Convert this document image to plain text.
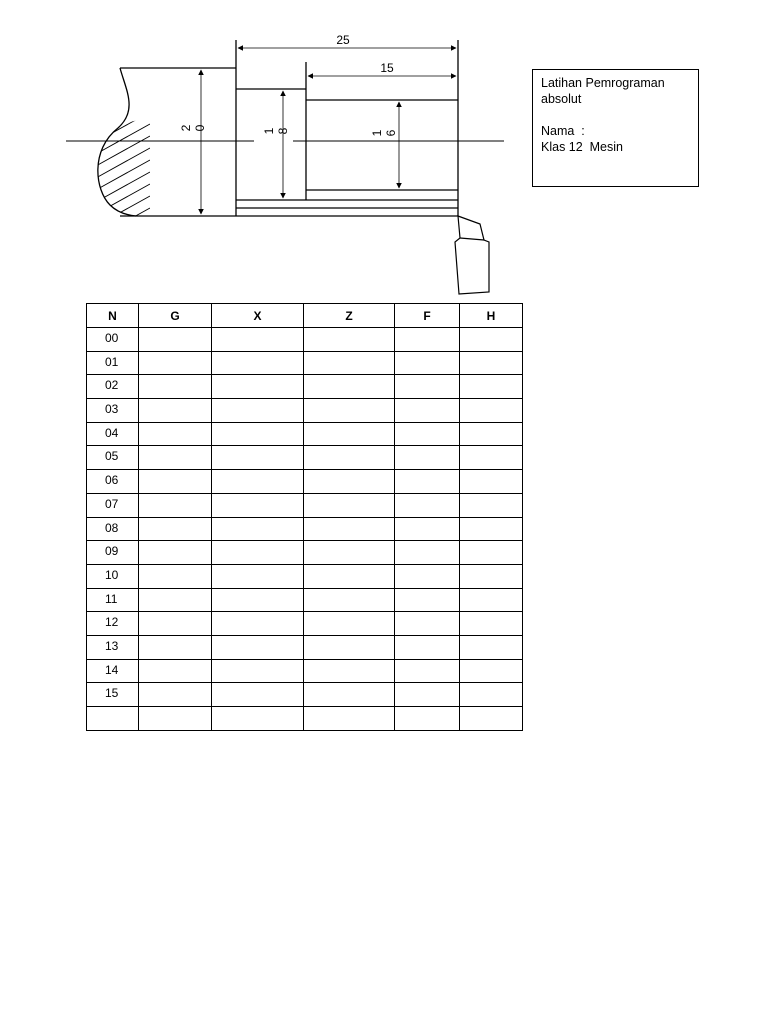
25
15
2 0	1 8	1 6
Latihan Pemrograman absolut
Nama  :
Klas 12  Mesin
N	G	X	Z	F	H
00					
01					
02					
03					
04					
05					
06					
07					
08					
09					
10					
11					
12					
13					
14					
15					
